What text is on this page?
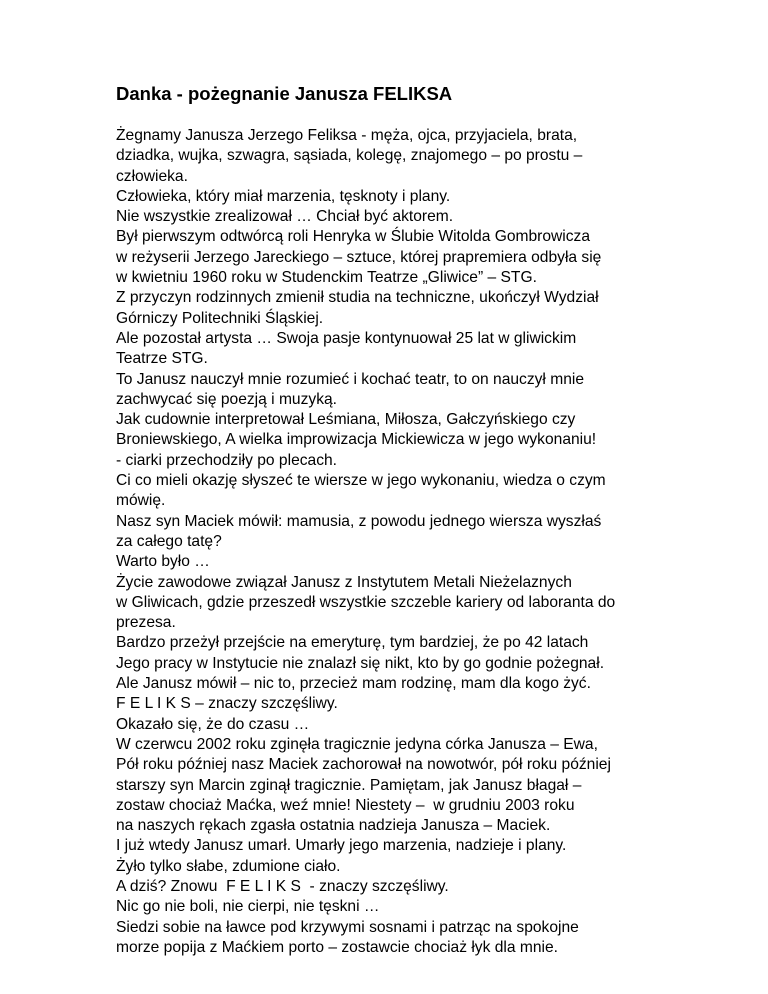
Danka - pożegnanie Janusza FELIKSA

Żegnamy Janusza Jerzego Feliksa - męża, ojca, przyjaciela, brata,

dziadka, wujka, szwagra, sąsiada, kolegę, znajomego – po prostu –

człowieka.

Człowieka, który miał marzenia, tęsknoty i plany.

Nie wszystkie zrealizował … Chciał być aktorem.

Był pierwszym odtwórcą roli Henryka w Ślubie Witolda Gombrowicza

w reżyserii Jerzego Jareckiego – sztuce, której prapremiera odbyła się

w kwietniu 1960 roku w Studenckim Teatrze „Gliwice” – STG.

Z przyczyn rodzinnych zmienił studia na techniczne, ukończył Wydział

Górniczy Politechniki Śląskiej.

Ale pozostał artysta … Swoja pasje kontynuował 25 lat w gliwickim

Teatrze STG.

To Janusz nauczył mnie rozumieć i kochać teatr, to on nauczył mnie

zachwycać się poezją i muzyką.

Jak cudownie interpretował Leśmiana, Miłosza, Gałczyńskiego czy

Broniewskiego, A wielka improwizacja Mickiewicza w jego wykonaniu!

- ciarki przechodziły po plecach.

Ci co mieli okazję słyszeć te wiersze w jego wykonaniu, wiedza o czym

mówię.

Nasz syn Maciek mówił: mamusia, z powodu jednego wiersza wyszłaś

za całego tatę?

Warto było …

Życie zawodowe związał Janusz z Instytutem Metali Nieżelaznych

w Gliwicach, gdzie przeszedł wszystkie szczeble kariery od laboranta do

prezesa.

Bardzo przeżył przejście na emeryturę, tym bardziej, że po 42 latach

Jego pracy w Instytucie nie znalazł się nikt, kto by go godnie pożegnał.

Ale Janusz mówił – nic to, przecież mam rodzinę, mam dla kogo żyć.

F E L I K S – znaczy szczęśliwy.

Okazało się, że do czasu …

W czerwcu 2002 roku zginęła tragicznie jedyna córka Janusza – Ewa,

Pół roku później nasz Maciek zachorował na nowotwór, pół roku później

starszy syn Marcin zginął tragicznie. Pamiętam, jak Janusz błagał –

zostaw chociaż Maćka, weź mnie! Niestety –  w grudniu 2003 roku

na naszych rękach zgasła ostatnia nadzieja Janusza – Maciek.

I już wtedy Janusz umarł. Umarły jego marzenia, nadzieje i plany.

Żyło tylko słabe, zdumione ciało.

A dziś? Znowu  F E L I K S  - znaczy szczęśliwy.

Nic go nie boli, nie cierpi, nie tęskni …

Siedzi sobie na ławce pod krzywymi sosnami i patrząc na spokojne

morze popija z Maćkiem porto – zostawcie chociaż łyk dla mnie.
